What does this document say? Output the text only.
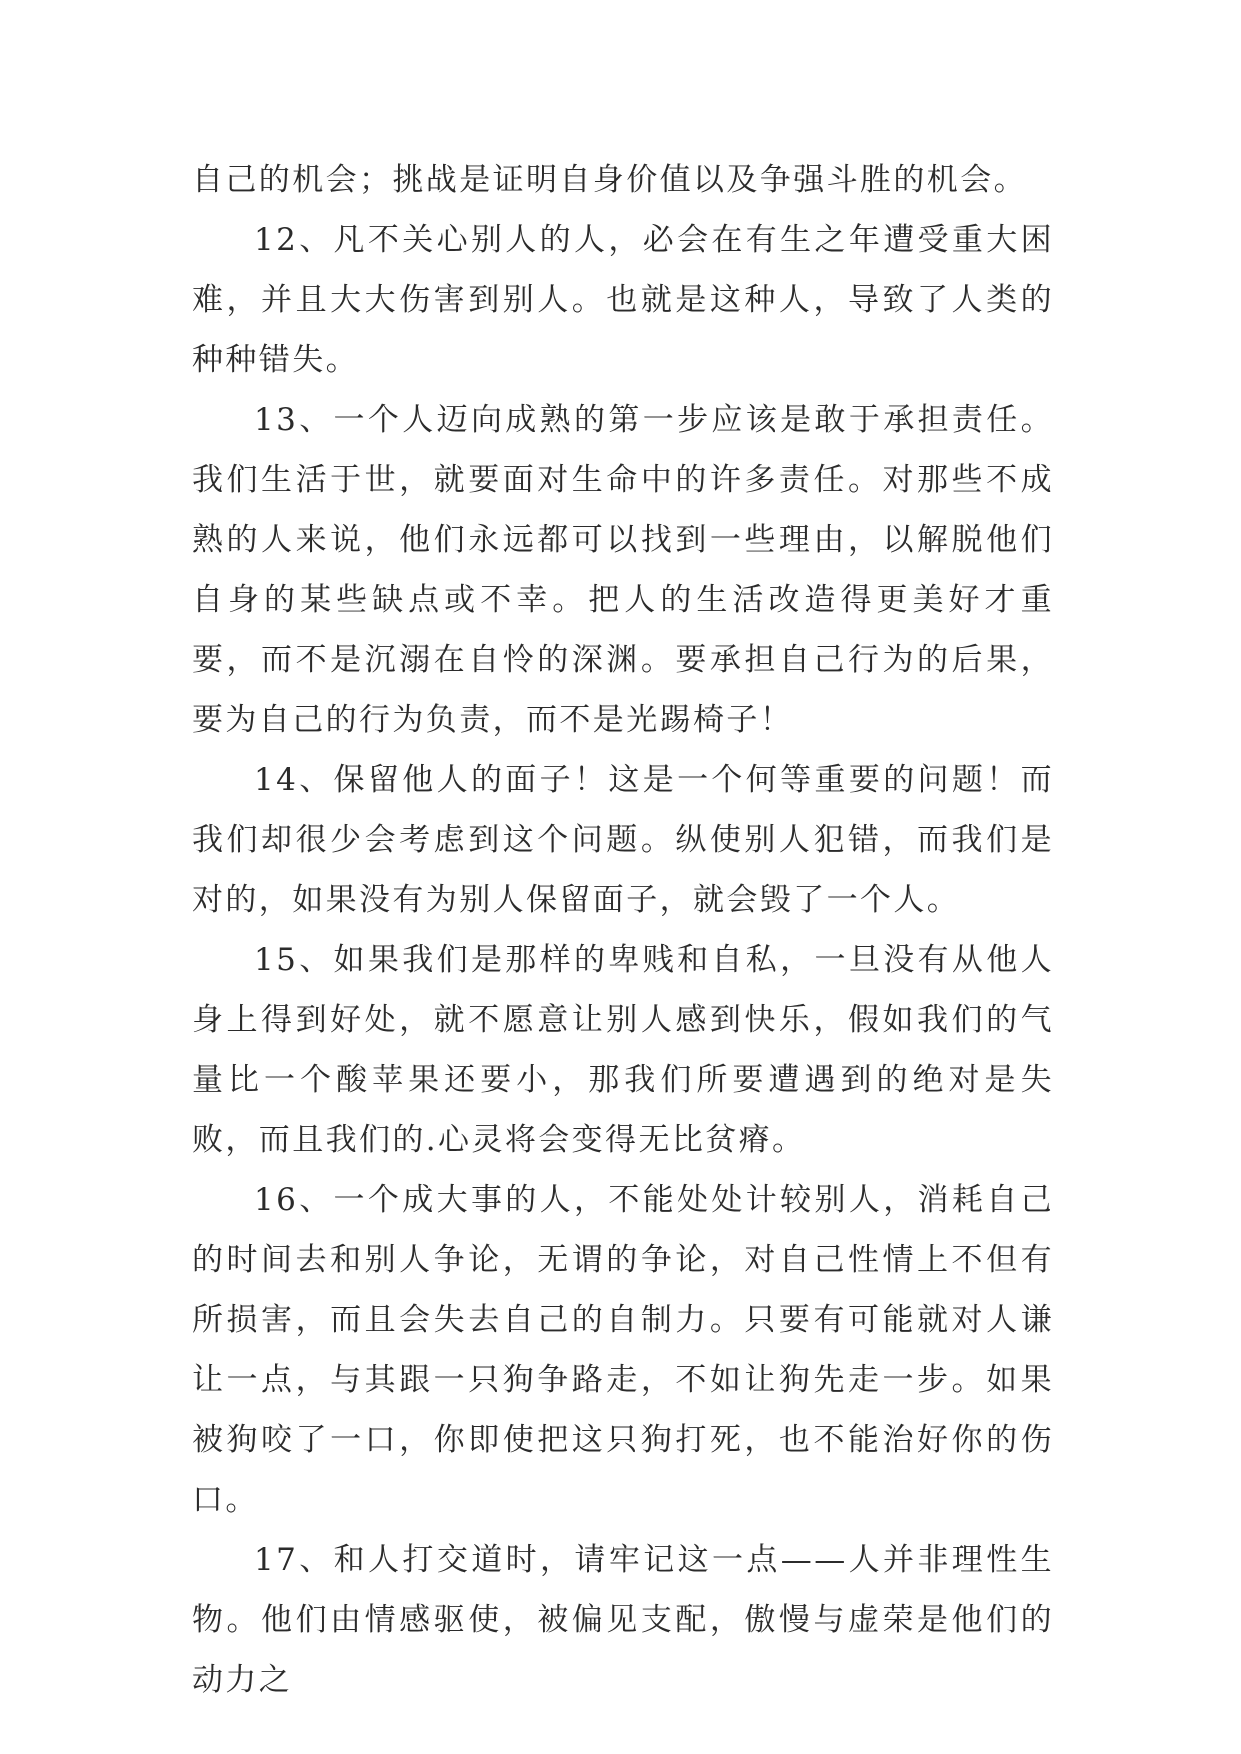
自己的机会；挑战是证明自身价值以及争强斗胜的机会。

12、凡不关心别人的人，必会在有生之年遭受重大困难，并且大大伤害到别人。也就是这种人，导致了人类的种种错失。

13、一个人迈向成熟的第一步应该是敢于承担责任。我们生活于世，就要面对生命中的许多责任。对那些不成熟的人来说，他们永远都可以找到一些理由，以解脱他们自身的某些缺点或不幸。把人的生活改造得更美好才重要，而不是沉溺在自怜的深渊。要承担自己行为的后果，要为自己的行为负责，而不是光踢椅子！

14、保留他人的面子！这是一个何等重要的问题！而我们却很少会考虑到这个问题。纵使别人犯错，而我们是对的，如果没有为别人保留面子，就会毁了一个人。

15、如果我们是那样的卑贱和自私，一旦没有从他人身上得到好处，就不愿意让别人感到快乐，假如我们的气量比一个酸苹果还要小，那我们所要遭遇到的绝对是失败，而且我们的.心灵将会变得无比贫瘠。

16、一个成大事的人，不能处处计较别人，消耗自己的时间去和别人争论，无谓的争论，对自己性情上不但有所损害，而且会失去自己的自制力。只要有可能就对人谦让一点，与其跟一只狗争路走，不如让狗先走一步。如果被狗咬了一口，你即使把这只狗打死，也不能治好你的伤口。

17、和人打交道时，请牢记这一点——人并非理性生物。他们由情感驱使，被偏见支配，傲慢与虚荣是他们的动力之
